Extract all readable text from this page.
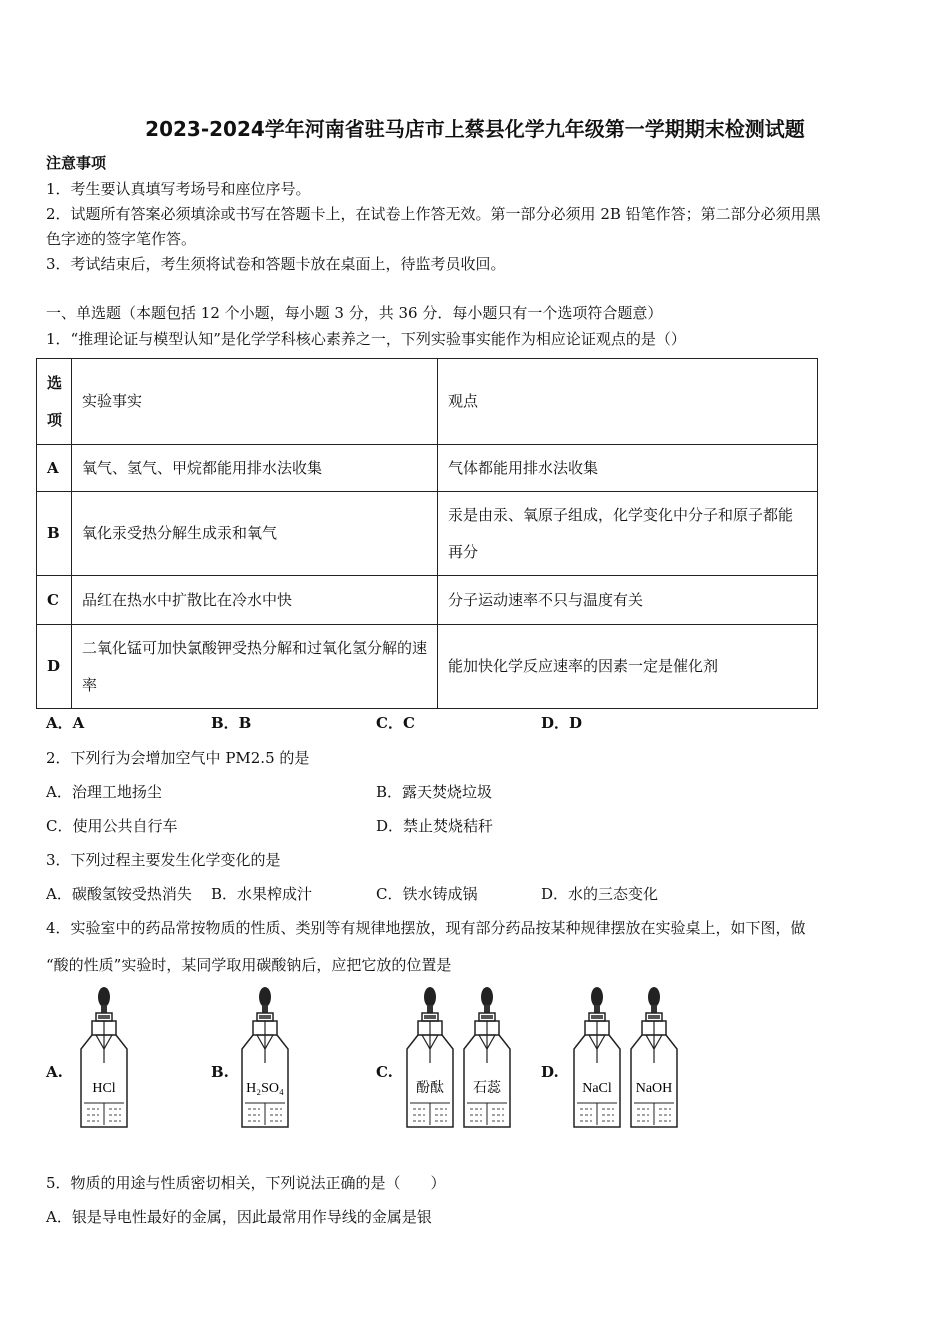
2023-2024学年河南省驻马店市上蔡县化学九年级第一学期期末检测试题
注意事项
1．考生要认真填写考场号和座位序号。
2．试题所有答案必须填涂或书写在答题卡上，在试卷上作答无效。第一部分必须用 2B 铅笔作答；第二部分必须用黑
色字迹的签字笔作答。
3．考试结束后，考生须将试卷和答题卡放在桌面上，待监考员收回。
一、单选题（本题包括 12 个小题，每小题 3 分，共 36 分．每小题只有一个选项符合题意）
1．“推理论证与模型认知”是化学学科核心素养之一，下列实验事实能作为相应论证观点的是（）
选
项	实验事实	观点
A	氧气、氢气、甲烷都能用排水法收集	气体都能用排水法收集
B	氧化汞受热分解生成汞和氧气	汞是由汞、氧原子组成，化学变化中分子和原子都能再分
C	品红在热水中扩散比在冷水中快	分子运动速率不只与温度有关
D	二氧化锰可加快氯酸钾受热分解和过氧化氢分解的速率	能加快化学反应速率的因素一定是催化剂
A．A	B．B	C．C	D．D
2．下列行为会增加空气中 PM2.5 的是
A．治理工地扬尘	B．露天焚烧垃圾
C．使用公共自行车	D．禁止焚烧秸秆
3．下列过程主要发生化学变化的是
A．碳酸氢铵受热消失 B．水果榨成汁	C．铁水铸成锅	D．水的三态变化
4．实验室中的药品常按物质的性质、类别等有规律地摆放，现有部分药品按某种规律摆放在实验桌上，如下图，做
“酸的性质”实验时，某同学取用碳酸钠后，应把它放的位置是
A.	B.	C.	D.
HCl	H₂SO₄	酚酞 石蕊	NaCl NaOH
5．物质的用途与性质密切相关，下列说法正确的是（　　）
A．银是导电性最好的金属，因此最常用作导线的金属是银
